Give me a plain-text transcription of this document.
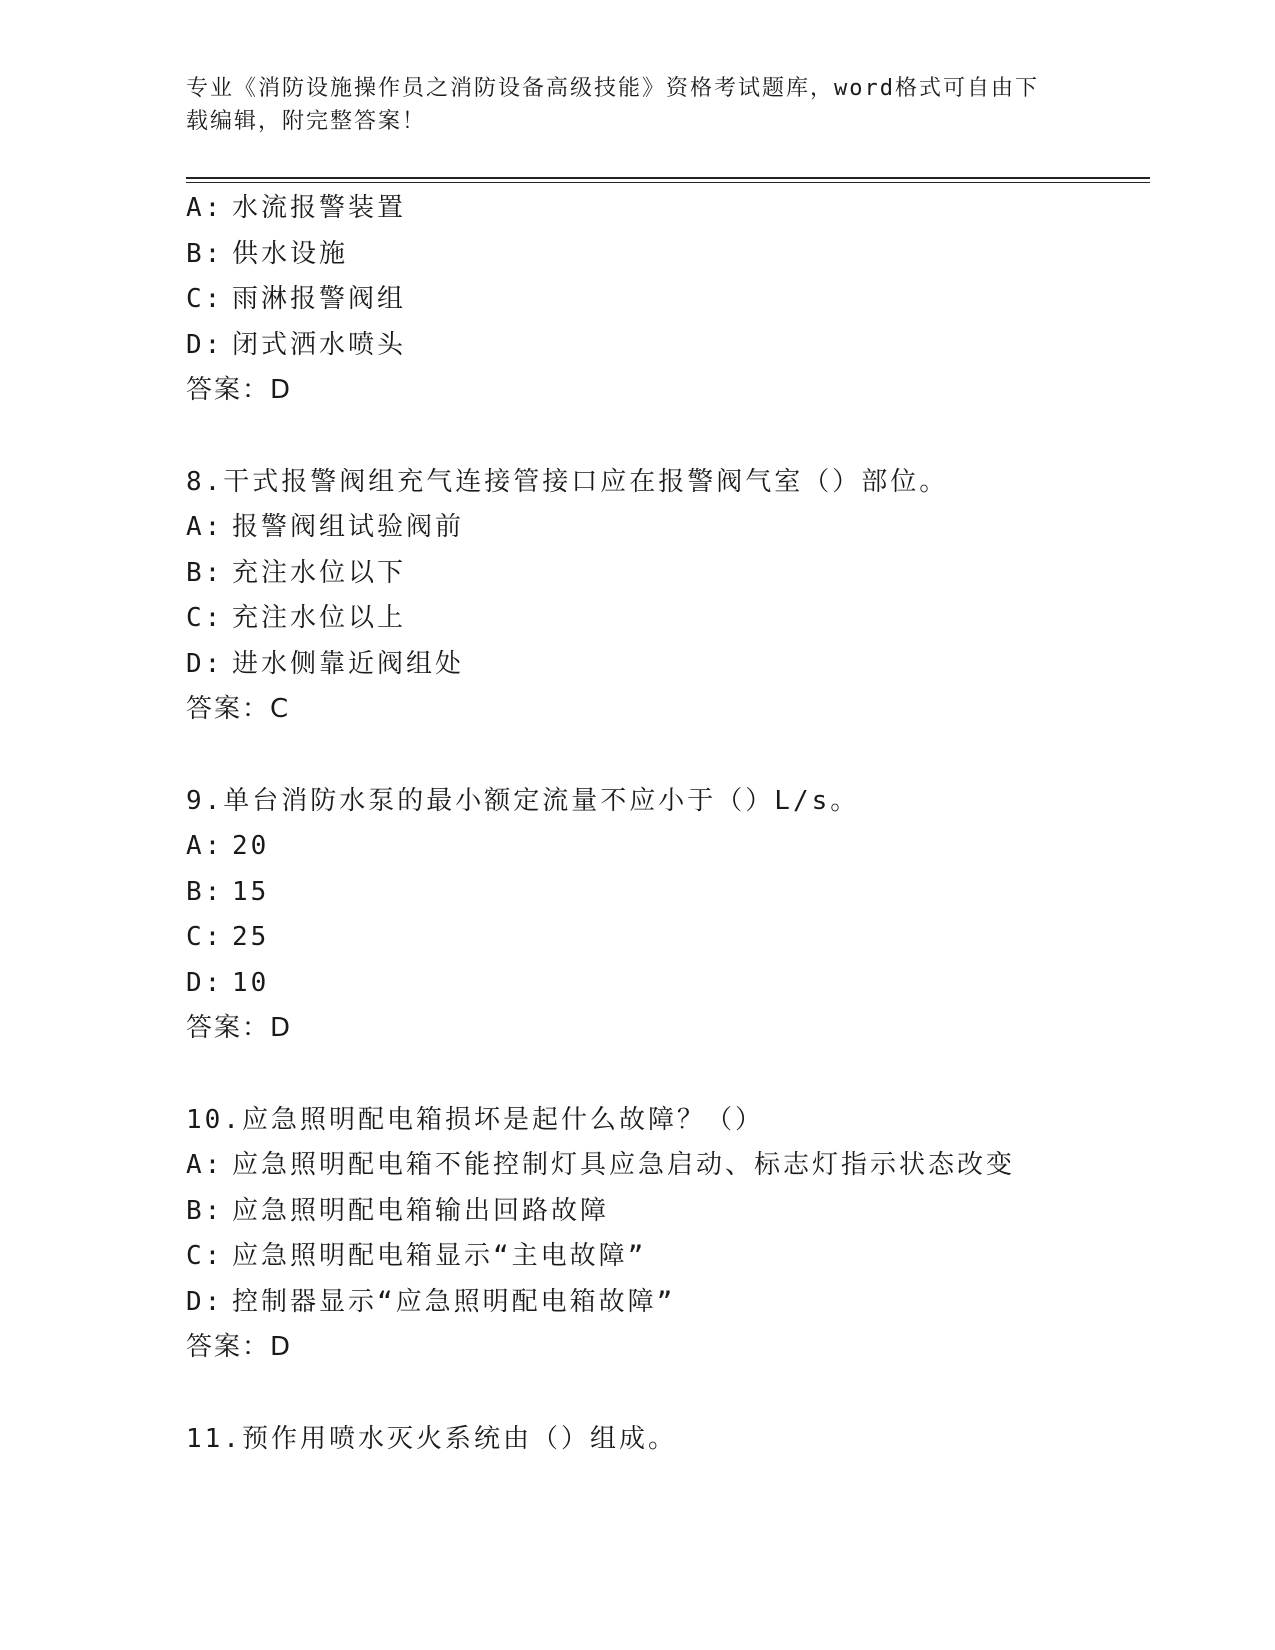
专业《消防设施操作员之消防设备高级技能》资格考试题库，word格式可自由下
载编辑，附完整答案！
A: 水流报警装置
B: 供水设施
C: 雨淋报警阀组
D: 闭式洒水喷头
答案：D
8.干式报警阀组充气连接管接口应在报警阀气室（）部位。
A: 报警阀组试验阀前
B: 充注水位以下
C: 充注水位以上
D: 进水侧靠近阀组处
答案：C
9.单台消防水泵的最小额定流量不应小于（）L/s。
A: 20
B: 15
C: 25
D: 10
答案：D
10.应急照明配电箱损坏是起什么故障？（）
A: 应急照明配电箱不能控制灯具应急启动、标志灯指示状态改变
B: 应急照明配电箱输出回路故障
C: 应急照明配电箱显示“主电故障”
D: 控制器显示“应急照明配电箱故障”
答案：D
11.预作用喷水灭火系统由（）组成。
